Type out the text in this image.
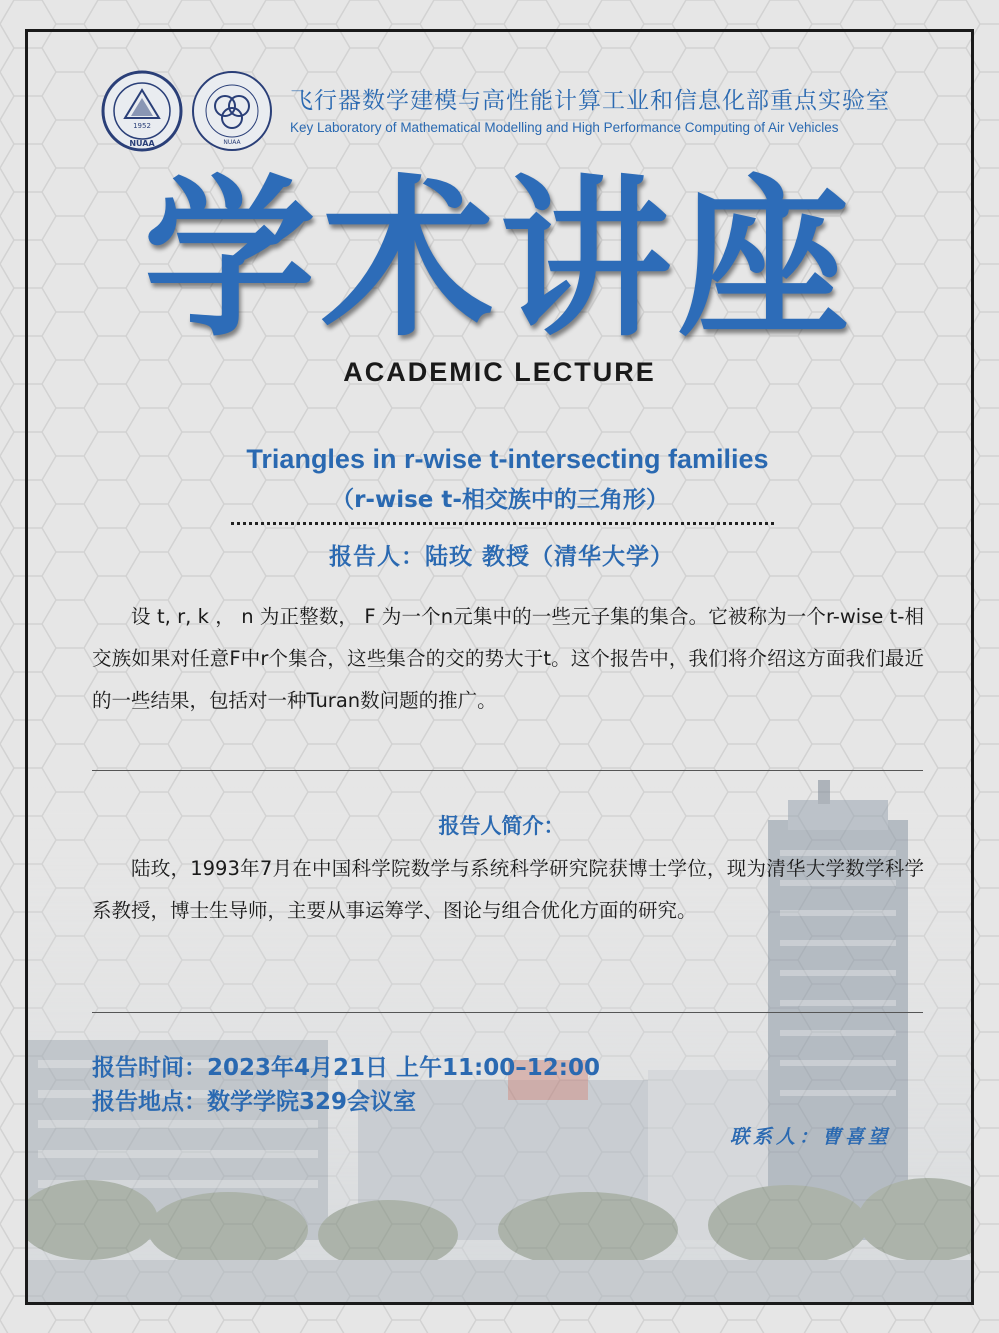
1952
NUAA	NUAA
飞行器数学建模与高性能计算工业和信息化部重点实验室
Key Laboratory of Mathematical Modelling and High Performance Computing of Air Vehicles
学术讲座
ACADEMIC LECTURE
Triangles in r-wise t-intersecting families
（r-wise t-相交族中的三角形）
报告人：陆玫 教授（清华大学）
设 t, r, k ， n 为正整数， F 为一个n元集中的一些元子集的集合。它被称为一个r-wise t-相交族如果对任意F中r个集合，这些集合的交的势大于t。这个报告中，我们将介绍这方面我们最近的一些结果，包括对一种Turan数问题的推广。
报告人简介：
陆玫，1993年7月在中国科学院数学与系统科学研究院获博士学位，现为清华大学数学科学系教授，博士生导师，主要从事运筹学、图论与组合优化方面的研究。
报告时间：2023年4月21日 上午11:00–12:00
报告地点：数学学院329会议室
联系人：曹喜望
